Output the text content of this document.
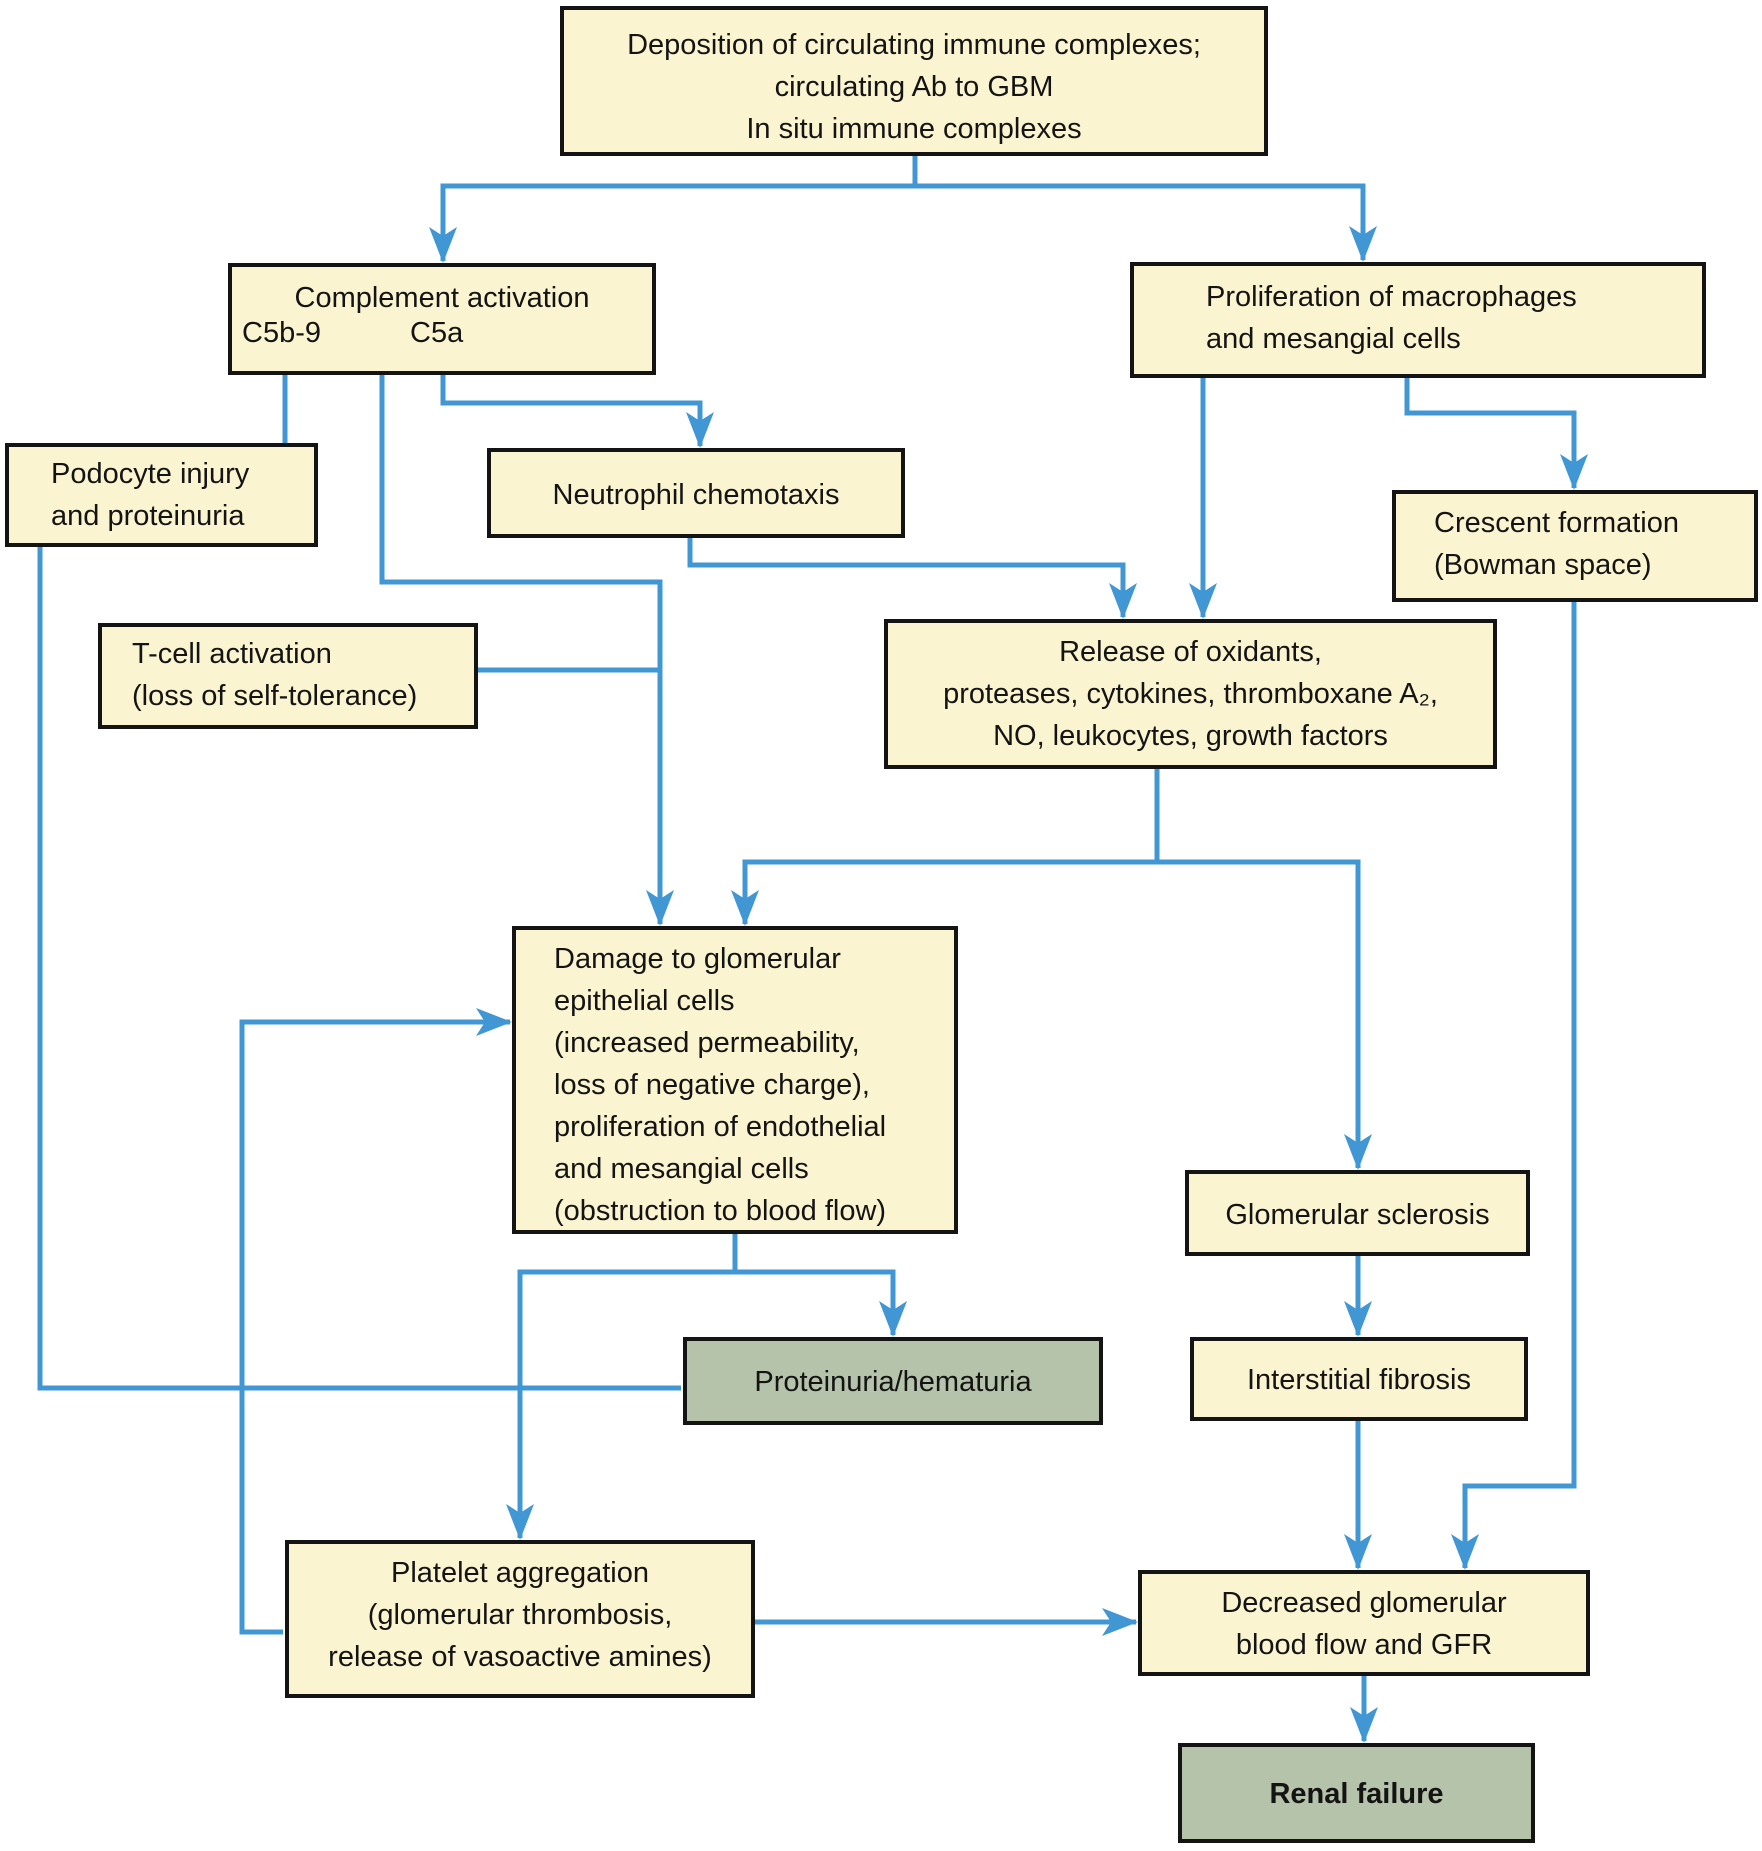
Deposition of circulating immune complexes;
circulating Ab to GBM
In situ immune complexes
Complement activation
C5b-9	C5a
Proliferation of macrophages
and mesangial cells
Podocyte injury
and proteinuria
Neutrophil chemotaxis
Crescent formation
(Bowman space)
T-cell activation
(loss of self-tolerance)
Release of oxidants,
proteases, cytokines, thromboxane A₂,
NO, leukocytes, growth factors
Damage to glomerular
epithelial cells
(increased permeability,
loss of negative charge),
proliferation of endothelial
and mesangial cells
(obstruction to blood flow)
Proteinuria/hematuria
Glomerular sclerosis
Interstitial fibrosis
Platelet aggregation
(glomerular thrombosis,
release of vasoactive amines)
Decreased glomerular
blood flow and GFR
Renal failure
